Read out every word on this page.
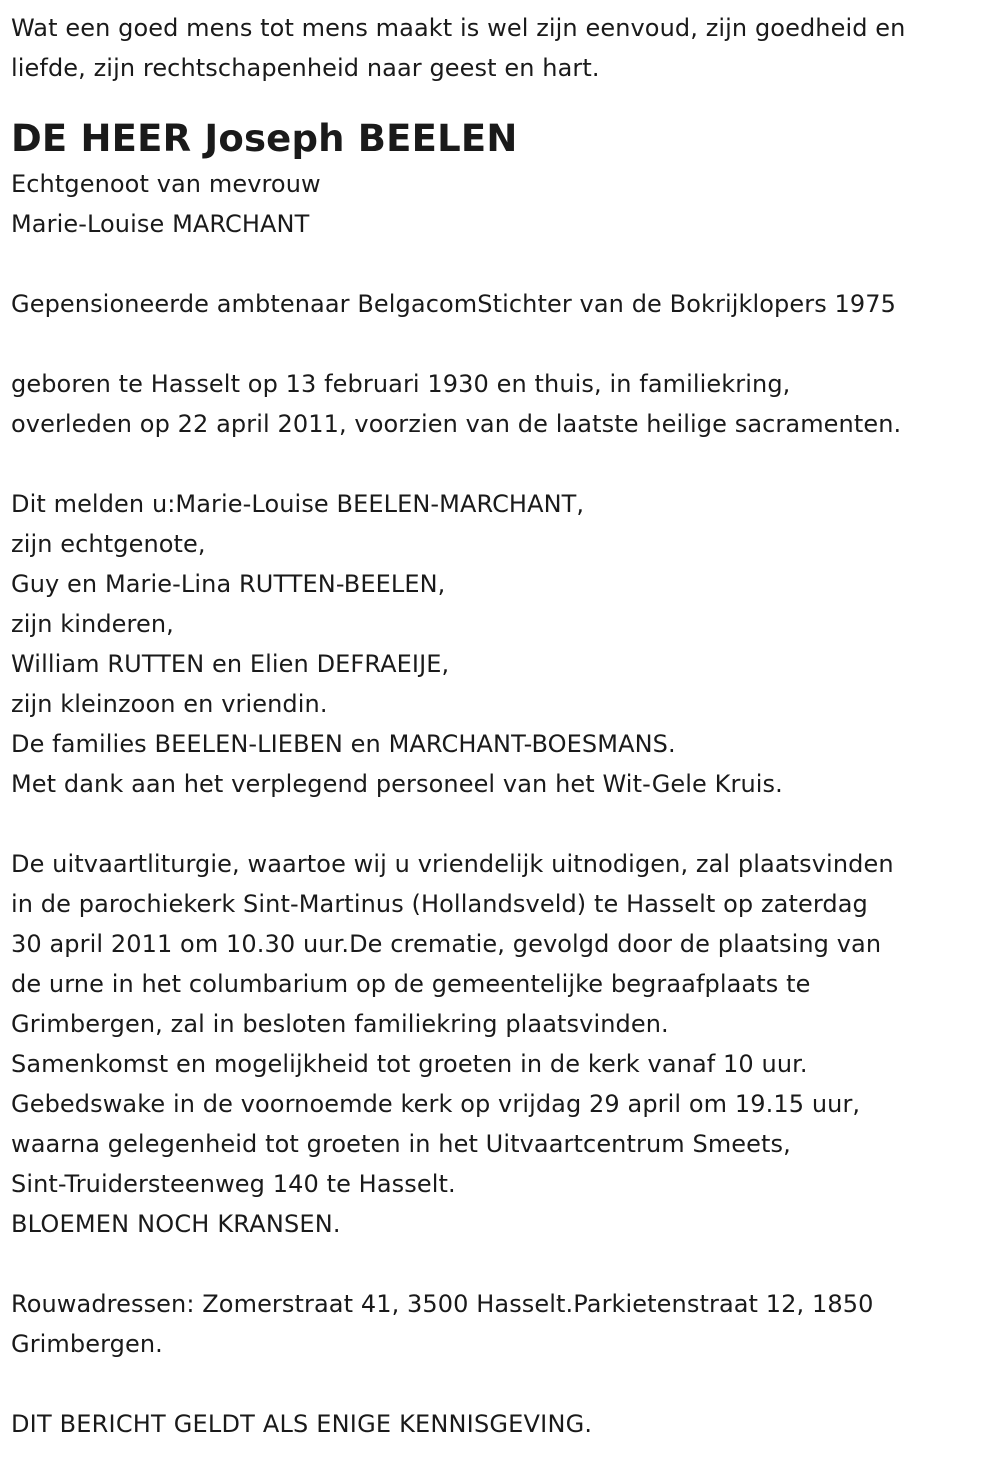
Wat een goed mens tot mens maakt is wel zijn eenvoud, zijn goedheid en
liefde, zijn rechtschapenheid naar geest en hart.
DE HEER Joseph BEELEN
Echtgenoot van mevrouw
Marie-Louise MARCHANT
Gepensioneerde ambtenaar BelgacomStichter van de Bokrijklopers 1975
geboren te Hasselt op 13 februari 1930 en thuis, in familiekring,
overleden op 22 april 2011, voorzien van de laatste heilige sacramenten.
Dit melden u:Marie-Louise BEELEN-MARCHANT,
zijn echtgenote,
Guy en Marie-Lina RUTTEN-BEELEN,
zijn kinderen,
William RUTTEN en Elien DEFRAEIJE,
zijn kleinzoon en vriendin.
De families BEELEN-LIEBEN en MARCHANT-BOESMANS.
Met dank aan het verplegend personeel van het Wit-Gele Kruis.
De uitvaartliturgie, waartoe wij u vriendelijk uitnodigen, zal plaatsvinden
in de parochiekerk Sint-Martinus (Hollandsveld) te Hasselt op zaterdag
30 april 2011 om 10.30 uur.De crematie, gevolgd door de plaatsing van
de urne in het columbarium op de gemeentelijke begraafplaats te
Grimbergen, zal in besloten familiekring plaatsvinden.
Samenkomst en mogelijkheid tot groeten in de kerk vanaf 10 uur.
Gebedswake in de voornoemde kerk op vrijdag 29 april om 19.15 uur,
waarna gelegenheid tot groeten in het Uitvaartcentrum Smeets,
Sint-Truidersteenweg 140 te Hasselt.
BLOEMEN NOCH KRANSEN.
Rouwadressen: Zomerstraat 41, 3500 Hasselt.Parkietenstraat 12, 1850
Grimbergen.
DIT BERICHT GELDT ALS ENIGE KENNISGEVING.
